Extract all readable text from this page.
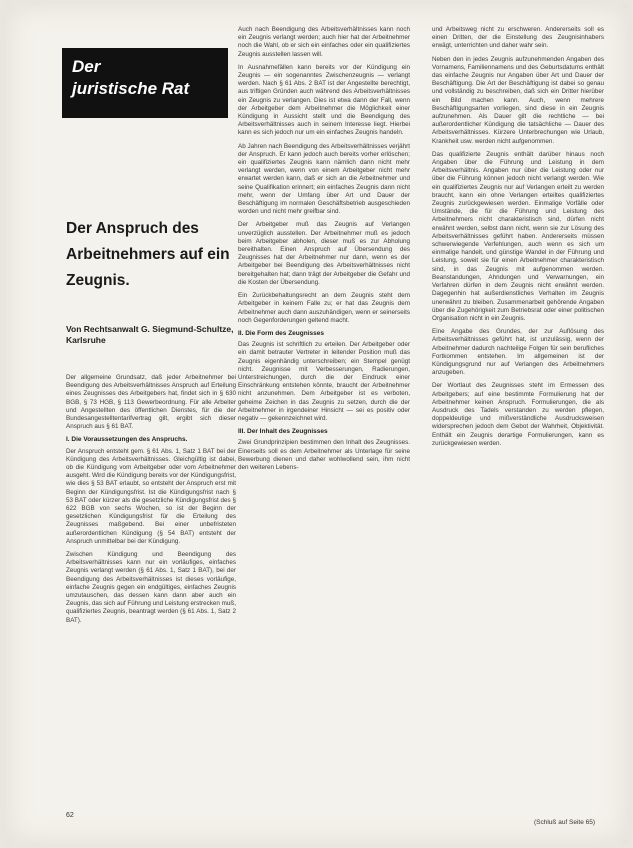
Der
juristische Rat
Der Anspruch des
Arbeitnehmers auf ein
Zeugnis.
Von Rechtsanwalt G. Siegmund-Schultze, Karlsruhe

Der allgemeine Grundsatz, daß jeder Arbeitnehmer bei Beendigung des Arbeitsverhältnisses Anspruch auf Erteilung eines Zeugnisses des Arbeitgebers hat, findet sich in § 630 BGB, § 73 HGB, § 113 Gewerbeordnung. Für alle Arbeiter und Angestellten des öffentlichen Dienstes, für die der Bundesangestelltentarifvertrag gilt, ergibt sich dieser Anspruch aus § 61 BAT.

I. Die Voraussetzungen des Anspruchs.

Der Anspruch entsteht gem. § 61 Abs. 1, Satz 1 BAT bei der Kündigung des Arbeitsverhältnisses. Gleichgültig ist dabei, ob die Kündigung vom Arbeitgeber oder vom Arbeitnehmer ausgeht. Wird die Kündigung bereits vor der Kündigungsfrist, wie dies § 53 BAT erlaubt, so entsteht der Anspruch erst mit Beginn der Kündigungsfrist. Ist die Kündigungsfrist nach § 53 BAT oder kürzer als die gesetzliche Kündigungsfrist des § 622 BGB von sechs Wochen, so ist der Beginn der gesetzlichen Kündigungsfrist für die Erteilung des Zeugnisses maßgebend. Bei einer unbefristeten außerordentlichen Kündigung (§ 54 BAT) entsteht der Anspruch unmittelbar bei der Kündigung.

Zwischen Kündigung und Beendigung des Arbeitsverhältnisses kann nur ein vorläufiges, einfaches Zeugnis verlangt werden (§ 61 Abs. 1, Satz 1 BAT), bei der Beendigung des Arbeitsverhältnisses ist dieses vorläufige, einfache Zeugnis gegen ein endgültiges, einfaches Zeugnis umzutauschen, das dessen kann dann aber auch ein Zeugnis, das sich auf Führung und Leistung erstrecken muß, qualifiziertes Zeugnis, beantragt werden (§ 61 Abs. 1, Satz 2 BAT).

Auch nach Beendigung des Arbeitsverhältnisses kann noch ein Zeugnis verlangt werden; auch hier hat der Arbeitnehmer noch die Wahl, ob er sich ein einfaches oder ein qualifiziertes Zeugnis ausstellen lassen will.

In Ausnahmefällen kann bereits vor der Kündigung ein Zeugnis — ein sogenanntes Zwischenzeugnis — verlangt werden. Nach § 61 Abs. 2 BAT ist der Angestellte berechtigt, aus triftigen Gründen auch während des Arbeitsverhältnisses ein Zeugnis zu verlangen. Dies ist etwa dann der Fall, wenn der Arbeitgeber dem Arbeitnehmer die Möglichkeit einer Kündigung in Aussicht stellt und die Beendigung des Arbeitsverhältnisses auch in seinem Interesse liegt. Hierbei kann es sich jedoch nur um ein einfaches Zeugnis handeln.

Ab Jahren nach Beendigung des Arbeitsverhältnisses verjährt der Anspruch. Er kann jedoch auch bereits vorher erlöschen; ein qualifiziertes Zeugnis kann nämlich dann nicht mehr verlangt werden, wenn von einem Arbeitgeber nicht mehr erwartet werden kann, daß er sich an die Arbeitnehmer und seine Qualifikation erinnert; ein einfaches Zeugnis dann nicht mehr, wenn der Umfang über Art und Dauer der Beschäftigung im normalen Geschäftsbetrieb ausgeschieden worden und nicht mehr greifbar sind.

Der Arbeitgeber muß das Zeugnis auf Verlangen unverzüglich ausstellen. Der Arbeitnehmer muß es jedoch beim Arbeitgeber abholen, dieser muß es zur Abholung bereithalten. Einen Anspruch auf Übersendung des Zeugnisses hat der Arbeitnehmer nur dann, wenn es der Arbeitgeber bei Beendigung des Arbeitsverhältnisses nicht bereitgehalten hat; dann trägt der Arbeitgeber die Gefahr und die Kosten der Übersendung.

Ein Zurückbehaltungsrecht an dem Zeugnis steht dem Arbeitgeber in keinem Falle zu; er hat das Zeugnis dem Arbeitnehmer auch dann auszuhändigen, wenn er seinerseits noch Gegenforderungen geltend macht.

II. Die Form des Zeugnisses

Das Zeugnis ist schriftlich zu erteilen. Der Arbeitgeber oder ein damit betrauter Vertreter in leitender Position muß das Zeugnis eigenhändig unterschreiben; ein Stempel genügt nicht. Zeugnisse mit Verbesserungen, Radierungen, Unterstreichungen, durch die der Eindruck einer Einschränkung entstehen könnte, braucht der Arbeitnehmer nicht anzunehmen. Dem Arbeitgeber ist es verboten, geheime Zeichen in das Zeugnis zu setzen, durch die der Arbeitnehmer in irgendeiner Hinsicht — sei es positiv oder negativ — gekennzeichnet wird.

III. Der Inhalt des Zeugnisses

Zwei Grundprinzipien bestimmen den Inhalt des Zeugnisses. Einerseits soll es dem Arbeitnehmer als Unterlage für seine Bewerbung dienen und daher wohlwollend sein, ihm nicht den weiteren Lebens-

und Arbeitsweg nicht zu erschweren. Andererseits soll es einen Dritten, der die Einstellung des Zeugnisinhabers erwägt, unterrichten und daher wahr sein.

Neben den in jedes Zeugnis aufzunehmenden Angaben des Vornamens, Familiennamens und des Geburtsdatums enthält das einfache Zeugnis nur Angaben über Art und Dauer der Beschäftigung. Die Art der Beschäftigung ist dabei so genau und vollständig zu beschreiben, daß sich ein Dritter hierüber ein Bild machen kann. Auch, wenn mehrere Beschäftigungsarten vorliegen, sind diese in ein Zeugnis aufzunehmen. Als Dauer gilt die rechtliche — bei außerordentlicher Kündigung die tatsächliche — Dauer des Arbeitsverhältnisses. Kürzere Unterbrechungen wie Urlaub, Krankheit usw. werden nicht aufgenommen.

Das qualifizierte Zeugnis enthält darüber hinaus noch Angaben über die Führung und Leistung in dem Arbeitsverhältnis. Angaben nur über die Leistung oder nur über die Führung können jedoch nicht verlangt werden. Wie ein qualifiziertes Zeugnis nur auf Verlangen erteilt zu werden braucht, kann ein ohne Verlangen erteiltes qualifiziertes Zeugnis zurückgewiesen werden. Einmalige Vorfälle oder Umstände, die für die Führung und Leistung des Arbeitnehmers nicht charakteristisch sind, dürfen nicht erwähnt werden, selbst dann nicht, wenn sie zur Lösung des Arbeitsverhältnisses geführt haben. Andererseits müssen schwerwiegende Verfehlungen, auch wenn es sich um einmalige handelt, und günstige Wandel in der Führung und Leistung, soweit sie für einen Arbeitnehmer charakteristisch sind, in das Zeugnis mit aufgenommen werden. Beanstandungen, Ahndungen und Verwarnungen, ein Verfahren dürfen in dem Zeugnis nicht erwähnt werden. Dagegenhin hat außerdienstliches Verhalten im Zeugnis unerwähnt zu bleiben. Zusammenarbeit gehörende Angaben über die Zugehörigkeit zum Betriebsrat oder einer politischen Organisation nicht in ein Zeugnis.

Eine Angabe des Grundes, der zur Auflösung des Arbeitsverhältnisses geführt hat, ist unzulässig, wenn der Arbeitnehmer dadurch nachteilige Folgen für sein berufliches Fortkommen entstehen. Im allgemeinen ist der Kündigungsgrund nur auf Verlangen des Arbeitnehmers anzugeben.

Der Wortlaut des Zeugnisses steht im Ermessen des Arbeitgebers; auf eine bestimmte Formulierung hat der Arbeitnehmer keinen Anspruch. Formulierungen, die als Ausdruck des Tadels verstanden zu werden pflegen, doppeldeutige und mißverständliche Ausdrucksweisen widersprechen jedoch dem Gebot der Wahrheit, Objektivität. Enthält ein Zeugnis derartige Formulierungen, kann es zurückgewiesen werden.

62
(Schluß auf Seite 65)
